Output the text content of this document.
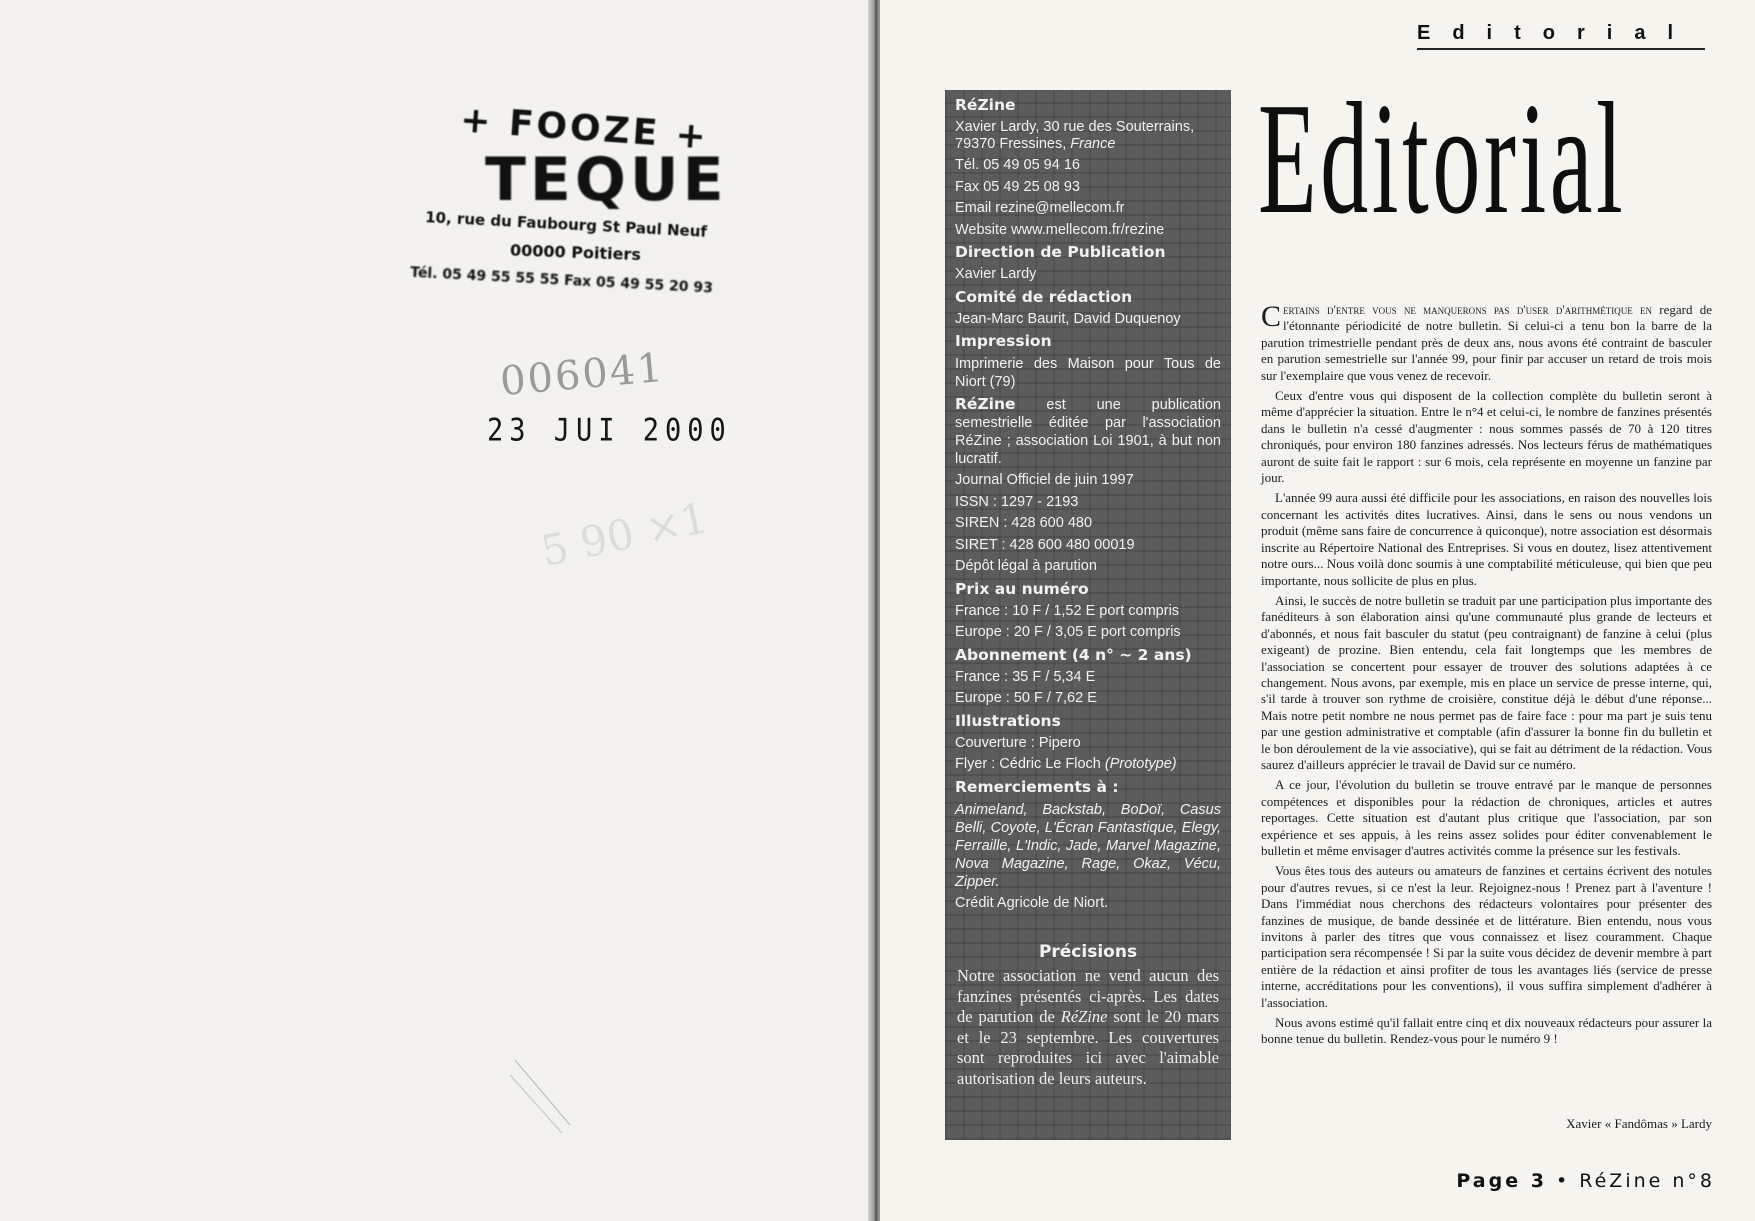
+ FOOZE +
TEQUE
10, rue du Faubourg St Paul Neuf
00000 Poitiers
Tél. 05 49 55 55 55 Fax 05 49 55 20 93
006041
23 JUI 2000
5 90 ×1
Editorial
Editorial
RéZine

Xavier Lardy, 30 rue des Souterrains,
79370 Fressines, France

Tél. 05 49 05 94 16
Fax 05 49 25 08 93
Email rezine@mellecom.fr
Website www.mellecom.fr/rezine
Direction de Publication
Xavier Lardy
Comité de rédaction
Jean-Marc Baurit, David Duquenoy
Impression

Imprimerie des Maison pour Tous de Niort (79)

RéZine est une publication semestrielle éditée par l'association RéZine ; association Loi 1901, à but non lucratif.

Journal Officiel de juin 1997
ISSN : 1297 - 2193
SIREN : 428 600 480
SIRET : 428 600 480 00019
Dépôt légal à parution
Prix au numéro
France : 10 F / 1,52 E port compris
Europe : 20 F / 3,05 E port compris
Abonnement (4 n° ~ 2 ans)
France : 35 F / 5,34 E
Europe : 50 F / 7,62 E
Illustrations
Couverture : Pipero
Flyer : Cédric Le Floch (Prototype)
Remerciements à :

Animeland, Backstab, BoDoï, Casus Belli, Coyote, L'Écran Fantastique, Elegy, Ferraille, L'Indic, Jade, Marvel Magazine, Nova Magazine, Rage, Okaz, Vécu, Zipper.

Crédit Agricole de Niort.
Précisions
Notre association ne vend aucun des fanzines présentés ci-après. Les dates de parution de RéZine sont le 20 mars et le 23 septembre. Les couvertures sont reproduites ici avec l'aimable autorisation de leurs auteurs.

Certains d'entre vous ne manquerons pas d'user d'arithmétique en regard de l'étonnante périodicité de notre bulletin. Si celui-ci a tenu bon la barre de la parution trimestrielle pendant près de deux ans, nous avons été contraint de basculer en parution semestrielle sur l'année 99, pour finir par accuser un retard de trois mois sur l'exemplaire que vous venez de recevoir.

Ceux d'entre vous qui disposent de la collection complète du bulletin seront à même d'apprécier la situation. Entre le n°4 et celui-ci, le nombre de fanzines présentés dans le bulletin n'a cessé d'augmenter : nous sommes passés de 70 à 120 titres chroniqués, pour environ 180 fanzines adressés. Nos lecteurs férus de mathématiques auront de suite fait le rapport : sur 6 mois, cela représente en moyenne un fanzine par jour.

L'année 99 aura aussi été difficile pour les associations, en raison des nouvelles lois concernant les activités dites lucratives. Ainsi, dans le sens ou nous vendons un produit (même sans faire de concurrence à quiconque), notre association est désormais inscrite au Répertoire National des Entreprises. Si vous en doutez, lisez attentivement notre ours... Nous voilà donc soumis à une comptabilité méticuleuse, qui bien que peu importante, nous sollicite de plus en plus.

Ainsi, le succès de notre bulletin se traduit par une participation plus importante des fanéditeurs à son élaboration ainsi qu'une communauté plus grande de lecteurs et d'abonnés, et nous fait basculer du statut (peu contraignant) de fanzine à celui (plus exigeant) de prozine. Bien entendu, cela fait longtemps que les membres de l'association se concertent pour essayer de trouver des solutions adaptées à ce changement. Nous avons, par exemple, mis en place un service de presse interne, qui, s'il tarde à trouver son rythme de croisière, constitue déjà le début d'une réponse... Mais notre petit nombre ne nous permet pas de faire face : pour ma part je suis tenu par une gestion administrative et comptable (afin d'assurer la bonne fin du bulletin et le bon déroulement de la vie associative), qui se fait au détriment de la rédaction. Vous saurez d'ailleurs apprécier le travail de David sur ce numéro.

A ce jour, l'évolution du bulletin se trouve entravé par le manque de personnes compétences et disponibles pour la rédaction de chroniques, articles et autres reportages. Cette situation est d'autant plus critique que l'association, par son expérience et ses appuis, à les reins assez solides pour éditer convenablement le bulletin et même envisager d'autres activités comme la présence sur les festivals.

Vous êtes tous des auteurs ou amateurs de fanzines et certains écrivent des notules pour d'autres revues, si ce n'est la leur. Rejoignez-nous ! Prenez part à l'aventure ! Dans l'immédiat nous cherchons des rédacteurs volontaires pour présenter des fanzines de musique, de bande dessinée et de littérature. Bien entendu, nous vous invitons à parler des titres que vous connaissez et lisez couramment. Chaque participation sera récompensée ! Si par la suite vous décidez de devenir membre à part entière de la rédaction et ainsi profiter de tous les avantages liés (service de presse interne, accréditations pour les conventions), il vous suffira simplement d'adhérer à l'association.

Nous avons estimé qu'il fallait entre cinq et dix nouveaux rédacteurs pour assurer la bonne tenue du bulletin. Rendez-vous pour le numéro 9 !

Xavier « Fandômas » Lardy
Page 3 • RéZine n°8
